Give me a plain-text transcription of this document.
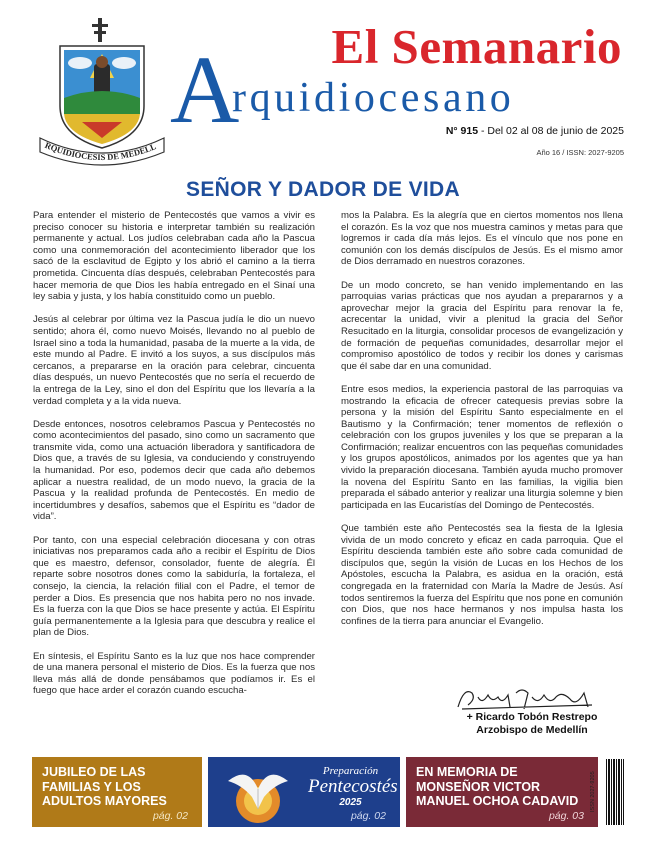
RQUIDIÓCESIS DE MEDELL
El Semanario
A
rquidiocesano
N° 915 - Del 02 al 08 de junio de 2025
Año 16 / ISSN: 2027-9205
SEÑOR Y DADOR DE VIDA

Para entender el misterio de Pentecostés que vamos a vivir es preciso conocer su historia e interpretar también su realización permanente y actual. Los judíos celebraban cada año la Pascua como una conmemoración del acontecimiento liberador que los sacó de la esclavitud de Egipto y los abrió el camino a la tierra prometida. Cincuenta días después, celebraban Pentecostés para hacer memoria de que Dios les había entregado en el Sinaí una ley sabia y justa, y los había constituido como un pueblo.

Jesús al celebrar por última vez la Pascua judía le dio un nuevo sentido; ahora él, como nuevo Moisés, llevando no al pueblo de Israel sino a toda la humanidad, pasaba de la muerte a la vida, de este mundo al Padre. E invitó a los suyos, a sus discípulos más cercanos, a prepararse en la oración para celebrar, cincuenta días después, un nuevo Pentecostés que no sería el recuerdo de la entrega de la Ley, sino el don del Espíritu que los llevaría a la verdad completa y a la vida nueva.

Desde entonces, nosotros celebramos Pascua y Pentecostés no como acontecimientos del pasado, sino como un sacramento que transmite vida, como una actuación liberadora y santificadora de Dios que, a través de su Iglesia, va conduciendo y construyendo la humanidad. Por eso, podemos decir que cada año debemos aplicar a nuestra realidad, de un modo nuevo, la gracia de la Pascua y la realidad profunda de Pentecostés. En medio de incertidumbres y desafíos, sabemos que el Espíritu es “dador de vida”.

Por tanto, con una especial celebración diocesana y con otras iniciativas nos preparamos cada año a recibir el Espíritu de Dios que es maestro, defensor, consolador, fuente de alegría. Él reparte sobre nosotros dones como la sabiduría, la fortaleza, el consejo, la ciencia, la relación filial con el Padre, el temor de perder a Dios. Es presencia que nos habita pero no nos invade. Es la fuerza con la que Dios se hace presente y actúa. El Espíritu guía permanentemente a la Iglesia para que descubra y realice el plan de Dios.

En síntesis, el Espíritu Santo es la luz que nos hace comprender de una manera personal el misterio de Dios. Es la fuerza que nos lleva más allá de donde pensábamos que podíamos ir. Es el fuego que hace arder el corazón cuando escucha-

mos la Palabra. Es la alegría que en ciertos momentos nos llena el corazón. Es la voz que nos muestra caminos y metas para que logremos ir cada día más lejos. Es el vínculo que nos pone en comunión con los demás discípulos de Jesús. Es el mismo amor de Dios derramado en nuestros corazones.

De un modo concreto, se han venido implementando en las parroquias varias prácticas que nos ayudan a prepararnos y a aprovechar mejor la gracia del Espíritu para renovar la fe, acrecentar la unidad, vivir a plenitud la gracia del Señor Resucitado en la liturgia, consolidar procesos de evangelización y de formación de pequeñas comunidades, desarrollar mejor el compromiso apostólico de todos y recibir los dones y carismas que él sabe dar en una comunidad.

Entre esos medios, la experiencia pastoral de las parroquias va mostrando la eficacia de ofrecer catequesis previas sobre la persona y la misión del Espíritu Santo especialmente en el Bautismo y la Confirmación; tener momentos de reflexión o celebración con los grupos juveniles y los que se preparan a la Confirmación; realizar encuentros con las pequeñas comunidades y los grupos apostólicos, animados por los agentes que ya han vivido la preparación diocesana. También ayuda mucho promover la novena del Espíritu Santo en las familias, la vigilia bien preparada el sábado anterior y realizar una liturgia solemne y bien participada en las Eucaristías del Domingo de Pentecostés.

Que también este año Pentecostés sea la fiesta de la Iglesia vivida de un modo concreto y eficaz en cada parroquia. Que el Espíritu descienda también este año sobre cada comunidad de discípulos que, según la visión de Lucas en los Hechos de los Apóstoles, escucha la Palabra, es asidua en la oración, está congregada en la fraternidad con María la Madre de Jesús. Así todos sentiremos la fuerza del Espíritu que nos pone en comunión con Dios, que nos hace hermanos y nos impulsa hasta los confines de la tierra para anunciar el Evangelio.

+ Ricardo Tobón Restrepo
Arzobispo de Medellín
JUBILEO DE LAS FAMILIAS Y LOS ADULTOS MAYORES
pág. 02
Preparación
Pentecostés
2025
pág. 02
EN MEMORIA DE MONSEÑOR VICTOR MANUEL OCHOA CADAVID
pág. 03
ISSN 2027-9205
